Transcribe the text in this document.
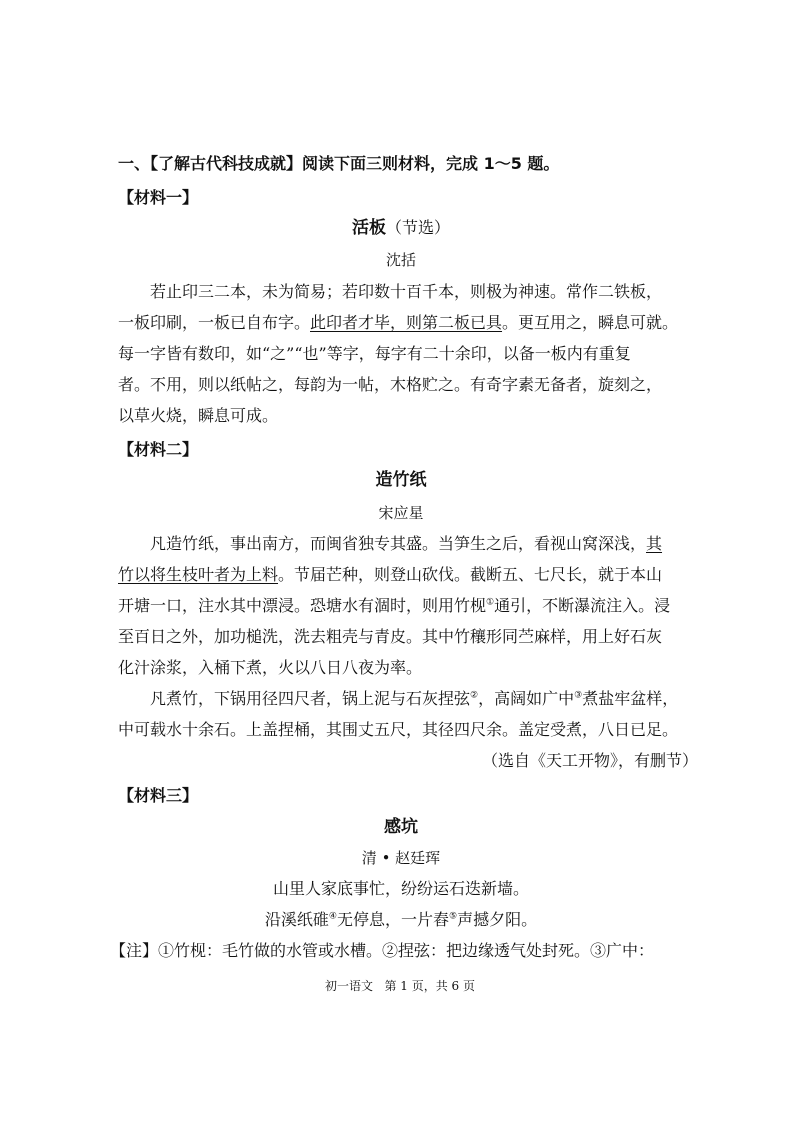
一、【了解古代科技成就】阅读下面三则材料，完成 1～5 题。
【材料一】
活板（节选）
沈括
若止印三二本，未为简易；若印数十百千本，则极为神速。常作二铁板，
一板印刷，一板已自布字。此印者才毕，则第二板已具。更互用之，瞬息可就。
每一字皆有数印，如“之”“也”等字，每字有二十余印，以备一板内有重复
者。不用，则以纸帖之，每韵为一帖，木格贮之。有奇字素无备者，旋刻之，
以草火烧，瞬息可成。
【材料二】
造竹纸
宋应星
凡造竹纸，事出南方，而闽省独专其盛。当笋生之后，看视山窝深浅，其
竹以将生枝叶者为上料。节届芒种，则登山砍伐。截断五、七尺长，就于本山
开塘一口，注水其中漂浸。恐塘水有涸时，则用竹枧①通引，不断瀑流注入。浸
至百日之外，加功槌洗，洗去粗壳与青皮。其中竹穰形同苎麻样，用上好石灰
化汁涂浆，入桶下煮，火以八日八夜为率。
凡煮竹，下锅用径四尺者，锅上泥与石灰捏弦②，高阔如广中③煮盐牢盆样，
中可载水十余石。上盖捏桶，其围丈五尺，其径四尺余。盖定受煮，八日已足。
（选自《天工开物》，有删节）
【材料三】
感坑
清 • 赵廷珲
山里人家底事忙，纷纷运石迭新墙。
沿溪纸碓④无停息，一片舂⑤声撼夕阳。
【注】①竹枧：毛竹做的水管或水槽。②捏弦：把边缘透气处封死。③广中：
初一语文 第 1 页，共 6 页
